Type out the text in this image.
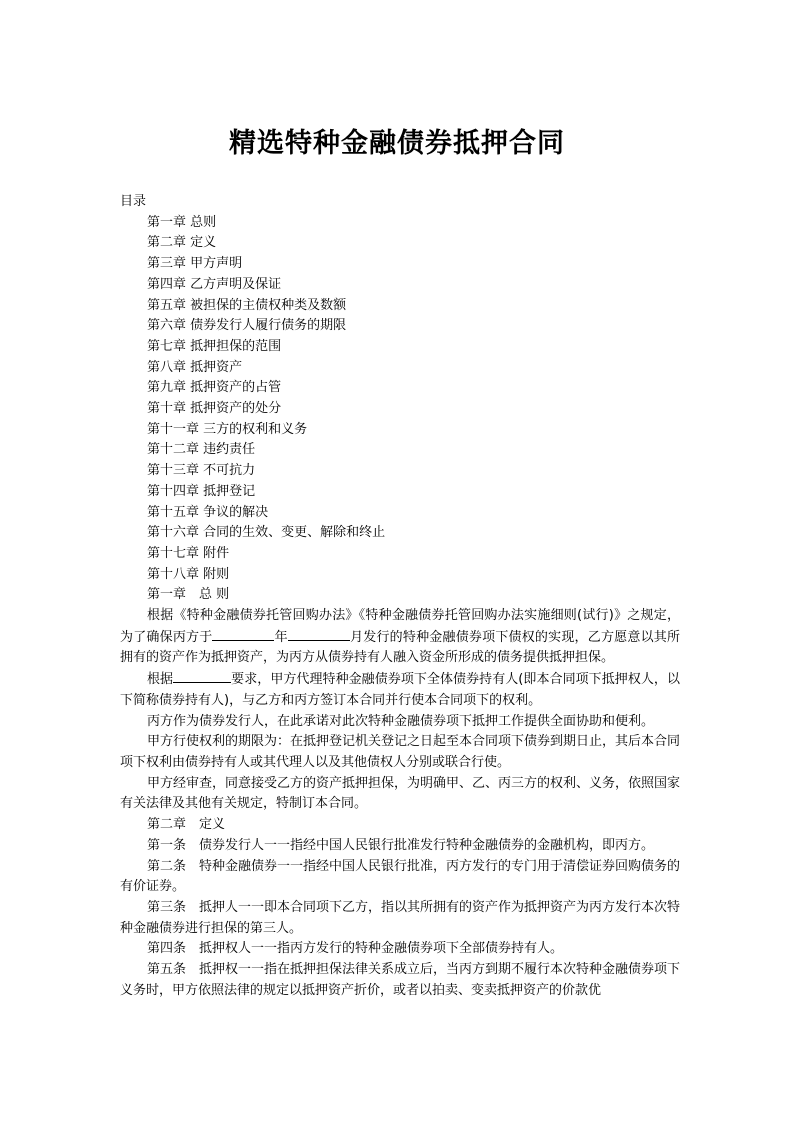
精选特种金融债券抵押合同
目录
第一章 总则
第二章 定义
第三章 甲方声明
第四章 乙方声明及保证
第五章 被担保的主债权种类及数额
第六章 债券发行人履行债务的期限
第七章 抵押担保的范围
第八章 抵押资产
第九章 抵押资产的占管
第十章 抵押资产的处分
第十一章 三方的权利和义务
第十二章 违约责任
第十三章 不可抗力
第十四章 抵押登记
第十五章 争议的解决
第十六章 合同的生效、变更、解除和终止
第十七章 附件
第十八章 附则
第一章　总 则

根据《特种金融债券托管回购办法》《特种金融债券托管回购办法实施细则(试行)》之规定，为了确保丙方于	年	月发行的特种金融债券项下债权的实现，乙方愿意以其所拥有的资产作为抵押资产，为丙方从债券持有人融入资金所形成的债务提供抵押担保。

根据	要求，甲方代理特种金融债券项下全体债券持有人(即本合同项下抵押权人，以下简称债券持有人)，与乙方和丙方签订本合同并行使本合同项下的权利。

丙方作为债券发行人，在此承诺对此次特种金融债券项下抵押工作提供全面协助和便利。

甲方行使权利的期限为：在抵押登记机关登记之日起至本合同项下债券到期日止，其后本合同项下权利由债券持有人或其代理人以及其他债权人分别或联合行使。

甲方经审查，同意接受乙方的资产抵押担保，为明确甲、乙、丙三方的权利、义务，依照国家有关法律及其他有关规定，特制订本合同。

第二章　定义

第一条　债券发行人一一指经中国人民银行批准发行特种金融债券的金融机构，即丙方。

第二条　特种金融债券一一指经中国人民银行批准，丙方发行的专门用于清偿证券回购债务的有价证券。

第三条　抵押人一一即本合同项下乙方，指以其所拥有的资产作为抵押资产为丙方发行本次特种金融债券进行担保的第三人。

第四条　抵押权人一一指丙方发行的特种金融债券项下全部债券持有人。

第五条　抵押权一一指在抵押担保法律关系成立后，当丙方到期不履行本次特种金融债券项下义务时，甲方依照法律的规定以抵押资产折价，或者以拍卖、变卖抵押资产的价款优
